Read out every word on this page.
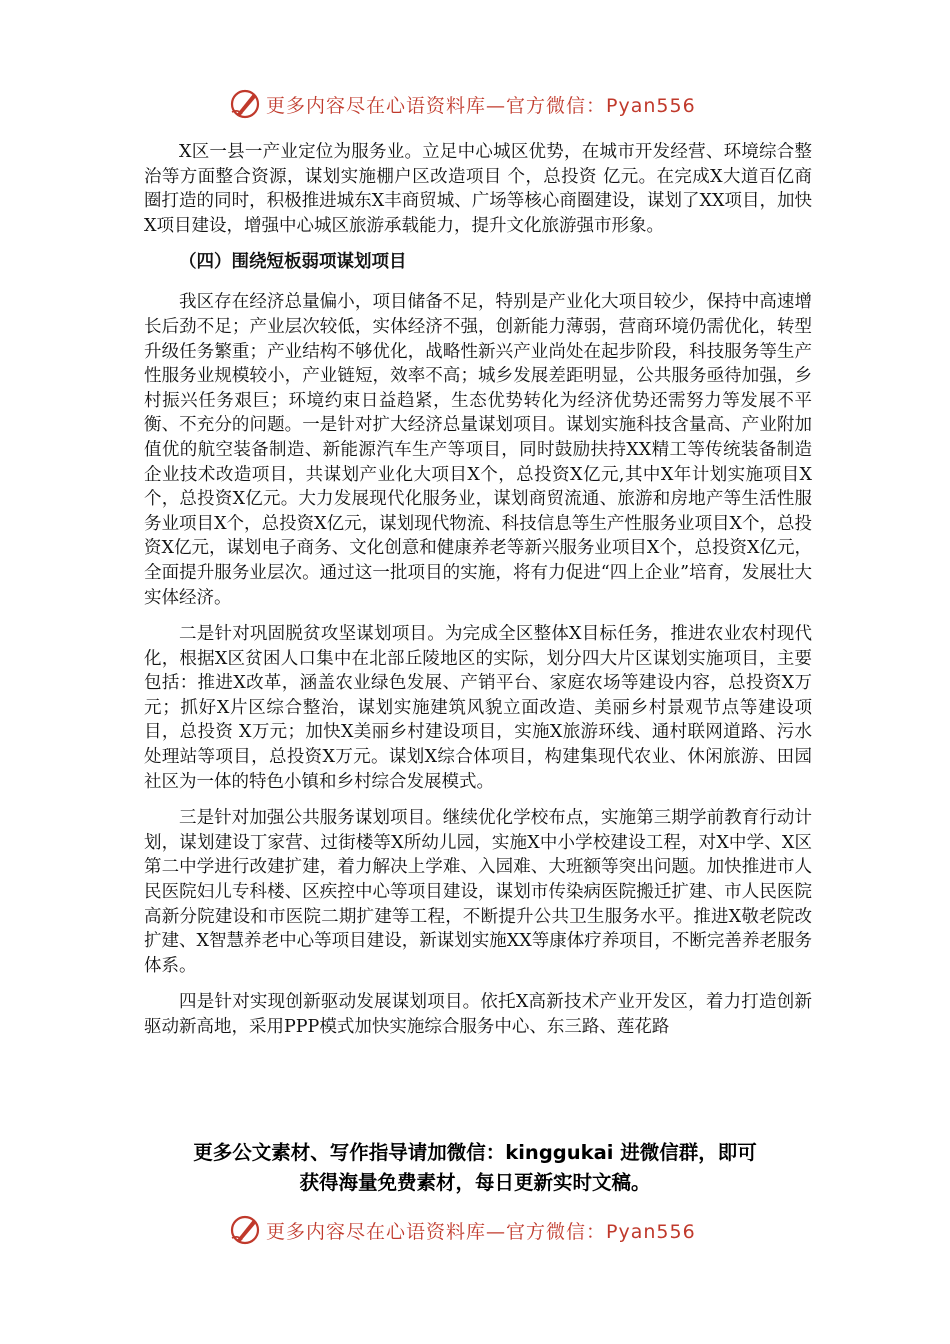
更多内容尽在心语资料库—官方微信：Pyan556

X区一县一产业定位为服务业。立足中心城区优势，在城市开发经营、环境综合整治等方面整合资源，谋划实施棚户区改造项目 个，总投资 亿元。在完成X大道百亿商圈打造的同时，积极推进城东X丰商贸城、广场等核心商圈建设，谋划了XX项目，加快X项目建设，增强中心城区旅游承载能力，提升文化旅游强市形象。

（四）围绕短板弱项谋划项目

我区存在经济总量偏小，项目储备不足，特别是产业化大项目较少，保持中高速增长后劲不足；产业层次较低，实体经济不强，创新能力薄弱，营商环境仍需优化，转型升级任务繁重；产业结构不够优化，战略性新兴产业尚处在起步阶段，科技服务等生产性服务业规模较小，产业链短，效率不高；城乡发展差距明显，公共服务亟待加强，乡村振兴任务艰巨；环境约束日益趋紧，生态优势转化为经济优势还需努力等发展不平衡、不充分的问题。一是针对扩大经济总量谋划项目。谋划实施科技含量高、产业附加值优的航空装备制造、新能源汽车生产等项目，同时鼓励扶持XX精工等传统装备制造企业技术改造项目，共谋划产业化大项目X个，总投资X亿元,其中X年计划实施项目X个，总投资X亿元。大力发展现代化服务业，谋划商贸流通、旅游和房地产等生活性服务业项目X个，总投资X亿元，谋划现代物流、科技信息等生产性服务业项目X个，总投资X亿元，谋划电子商务、文化创意和健康养老等新兴服务业项目X个，总投资X亿元，全面提升服务业层次。通过这一批项目的实施，将有力促进“四上企业”培育，发展壮大实体经济。

二是针对巩固脱贫攻坚谋划项目。为完成全区整体X目标任务，推进农业农村现代化，根据X区贫困人口集中在北部丘陵地区的实际，划分四大片区谋划实施项目，主要包括：推进X改革，涵盖农业绿色发展、产销平台、家庭农场等建设内容，总投资X万元；抓好X片区综合整治，谋划实施建筑风貌立面改造、美丽乡村景观节点等建设项目，总投资 X万元；加快X美丽乡村建设项目，实施X旅游环线、通村联网道路、污水处理站等项目，总投资X万元。谋划X综合体项目，构建集现代农业、休闲旅游、田园社区为一体的特色小镇和乡村综合发展模式。

三是针对加强公共服务谋划项目。继续优化学校布点，实施第三期学前教育行动计划，谋划建设丁家营、过街楼等X所幼儿园，实施X中小学校建设工程，对X中学、X区第二中学进行改建扩建，着力解决上学难、入园难、大班额等突出问题。加快推进市人民医院妇儿专科楼、区疾控中心等项目建设，谋划市传染病医院搬迁扩建、市人民医院高新分院建设和市医院二期扩建等工程，不断提升公共卫生服务水平。推进X敬老院改扩建、X智慧养老中心等项目建设，新谋划实施XX等康体疗养项目，不断完善养老服务体系。

四是针对实现创新驱动发展谋划项目。依托X高新技术产业开发区，着力打造创新驱动新高地，采用PPP模式加快实施综合服务中心、东三路、莲花路

更多公文素材、写作指导请加微信：kinggukai 进微信群，即可
获得海量免费素材，每日更新实时文稿。
更多内容尽在心语资料库—官方微信：Pyan556
